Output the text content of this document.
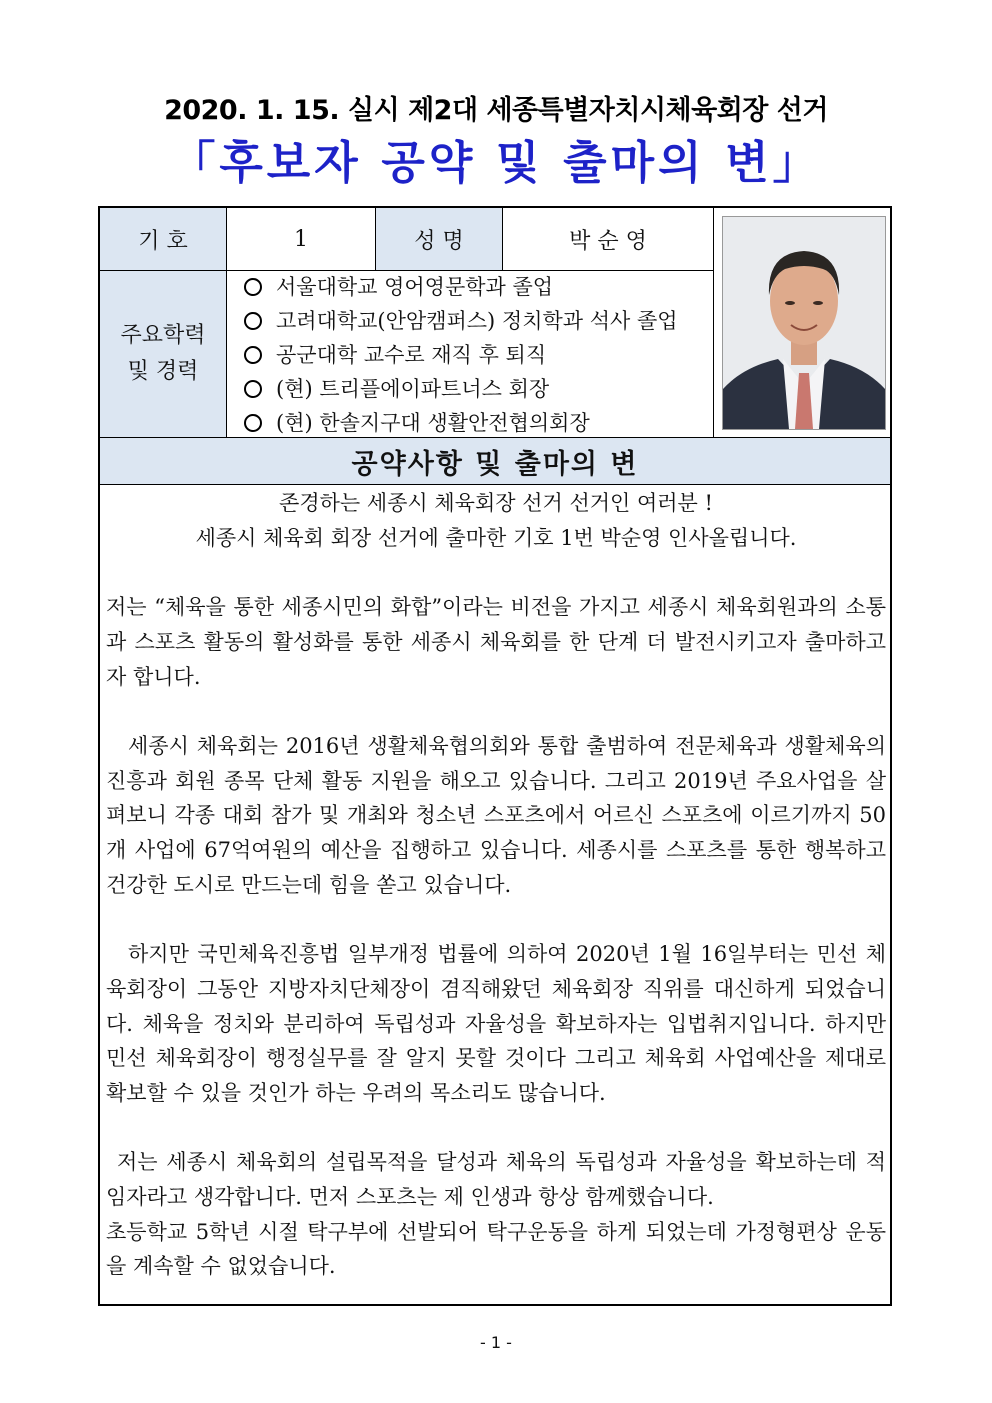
2020. 1. 15. 실시 제2대 세종특별자치시체육회장 선거
「후보자 공약 및 출마의 변」
기 호	1	성 명	박 순 영
주요학력
및 경력
서울대학교 영어영문학과 졸업
고려대학교(안암캠퍼스) 정치학과 석사 졸업
공군대학 교수로 재직 후 퇴직
(현) 트리플에이파트너스 회장
(현) 한솔지구대 생활안전협의회장
공약사항 및 출마의 변

존경하는 세종시 체육회장 선거 선거인 여러분 !

세종시 체육회 회장 선거에 출마한 기호 1번 박순영 인사올립니다.

저는 “체육을 통한 세종시민의 화합”이라는 비전을 가지고 세종시 체육회원과의 소통과 스포츠 활동의 활성화를 통한 세종시 체육회를 한 단계 더 발전시키고자 출마하고자 합니다.

세종시 체육회는 2016년 생활체육협의회와 통합 출범하여 전문체육과 생활체육의 진흥과 회원 종목 단체 활동 지원을 해오고 있습니다. 그리고 2019년 주요사업을 살펴보니 각종 대회 참가 및 개최와 청소년 스포츠에서 어르신 스포츠에 이르기까지 50개 사업에 67억여원의 예산을 집행하고 있습니다. 세종시를 스포츠를 통한 행복하고 건강한 도시로 만드는데 힘을 쏟고 있습니다.

하지만 국민체육진흥법 일부개정 법률에 의하여 2020년 1월 16일부터는 민선 체육회장이 그동안 지방자치단체장이 겸직해왔던 체육회장 직위를 대신하게 되었습니다. 체육을 정치와 분리하여 독립성과 자율성을 확보하자는 입법취지입니다. 하지만 민선 체육회장이 행정실무를 잘 알지 못할 것이다 그리고 체육회 사업예산을 제대로 확보할 수 있을 것인가 하는 우려의 목소리도 많습니다.

저는 세종시 체육회의 설립목적을 달성과 체육의 독립성과 자율성을 확보하는데 적임자라고 생각합니다. 먼저 스포츠는 제 인생과 항상 함께했습니다.

초등학교 5학년 시절 탁구부에 선발되어 탁구운동을 하게 되었는데 가정형편상 운동을 계속할 수 없었습니다.

- 1 -
